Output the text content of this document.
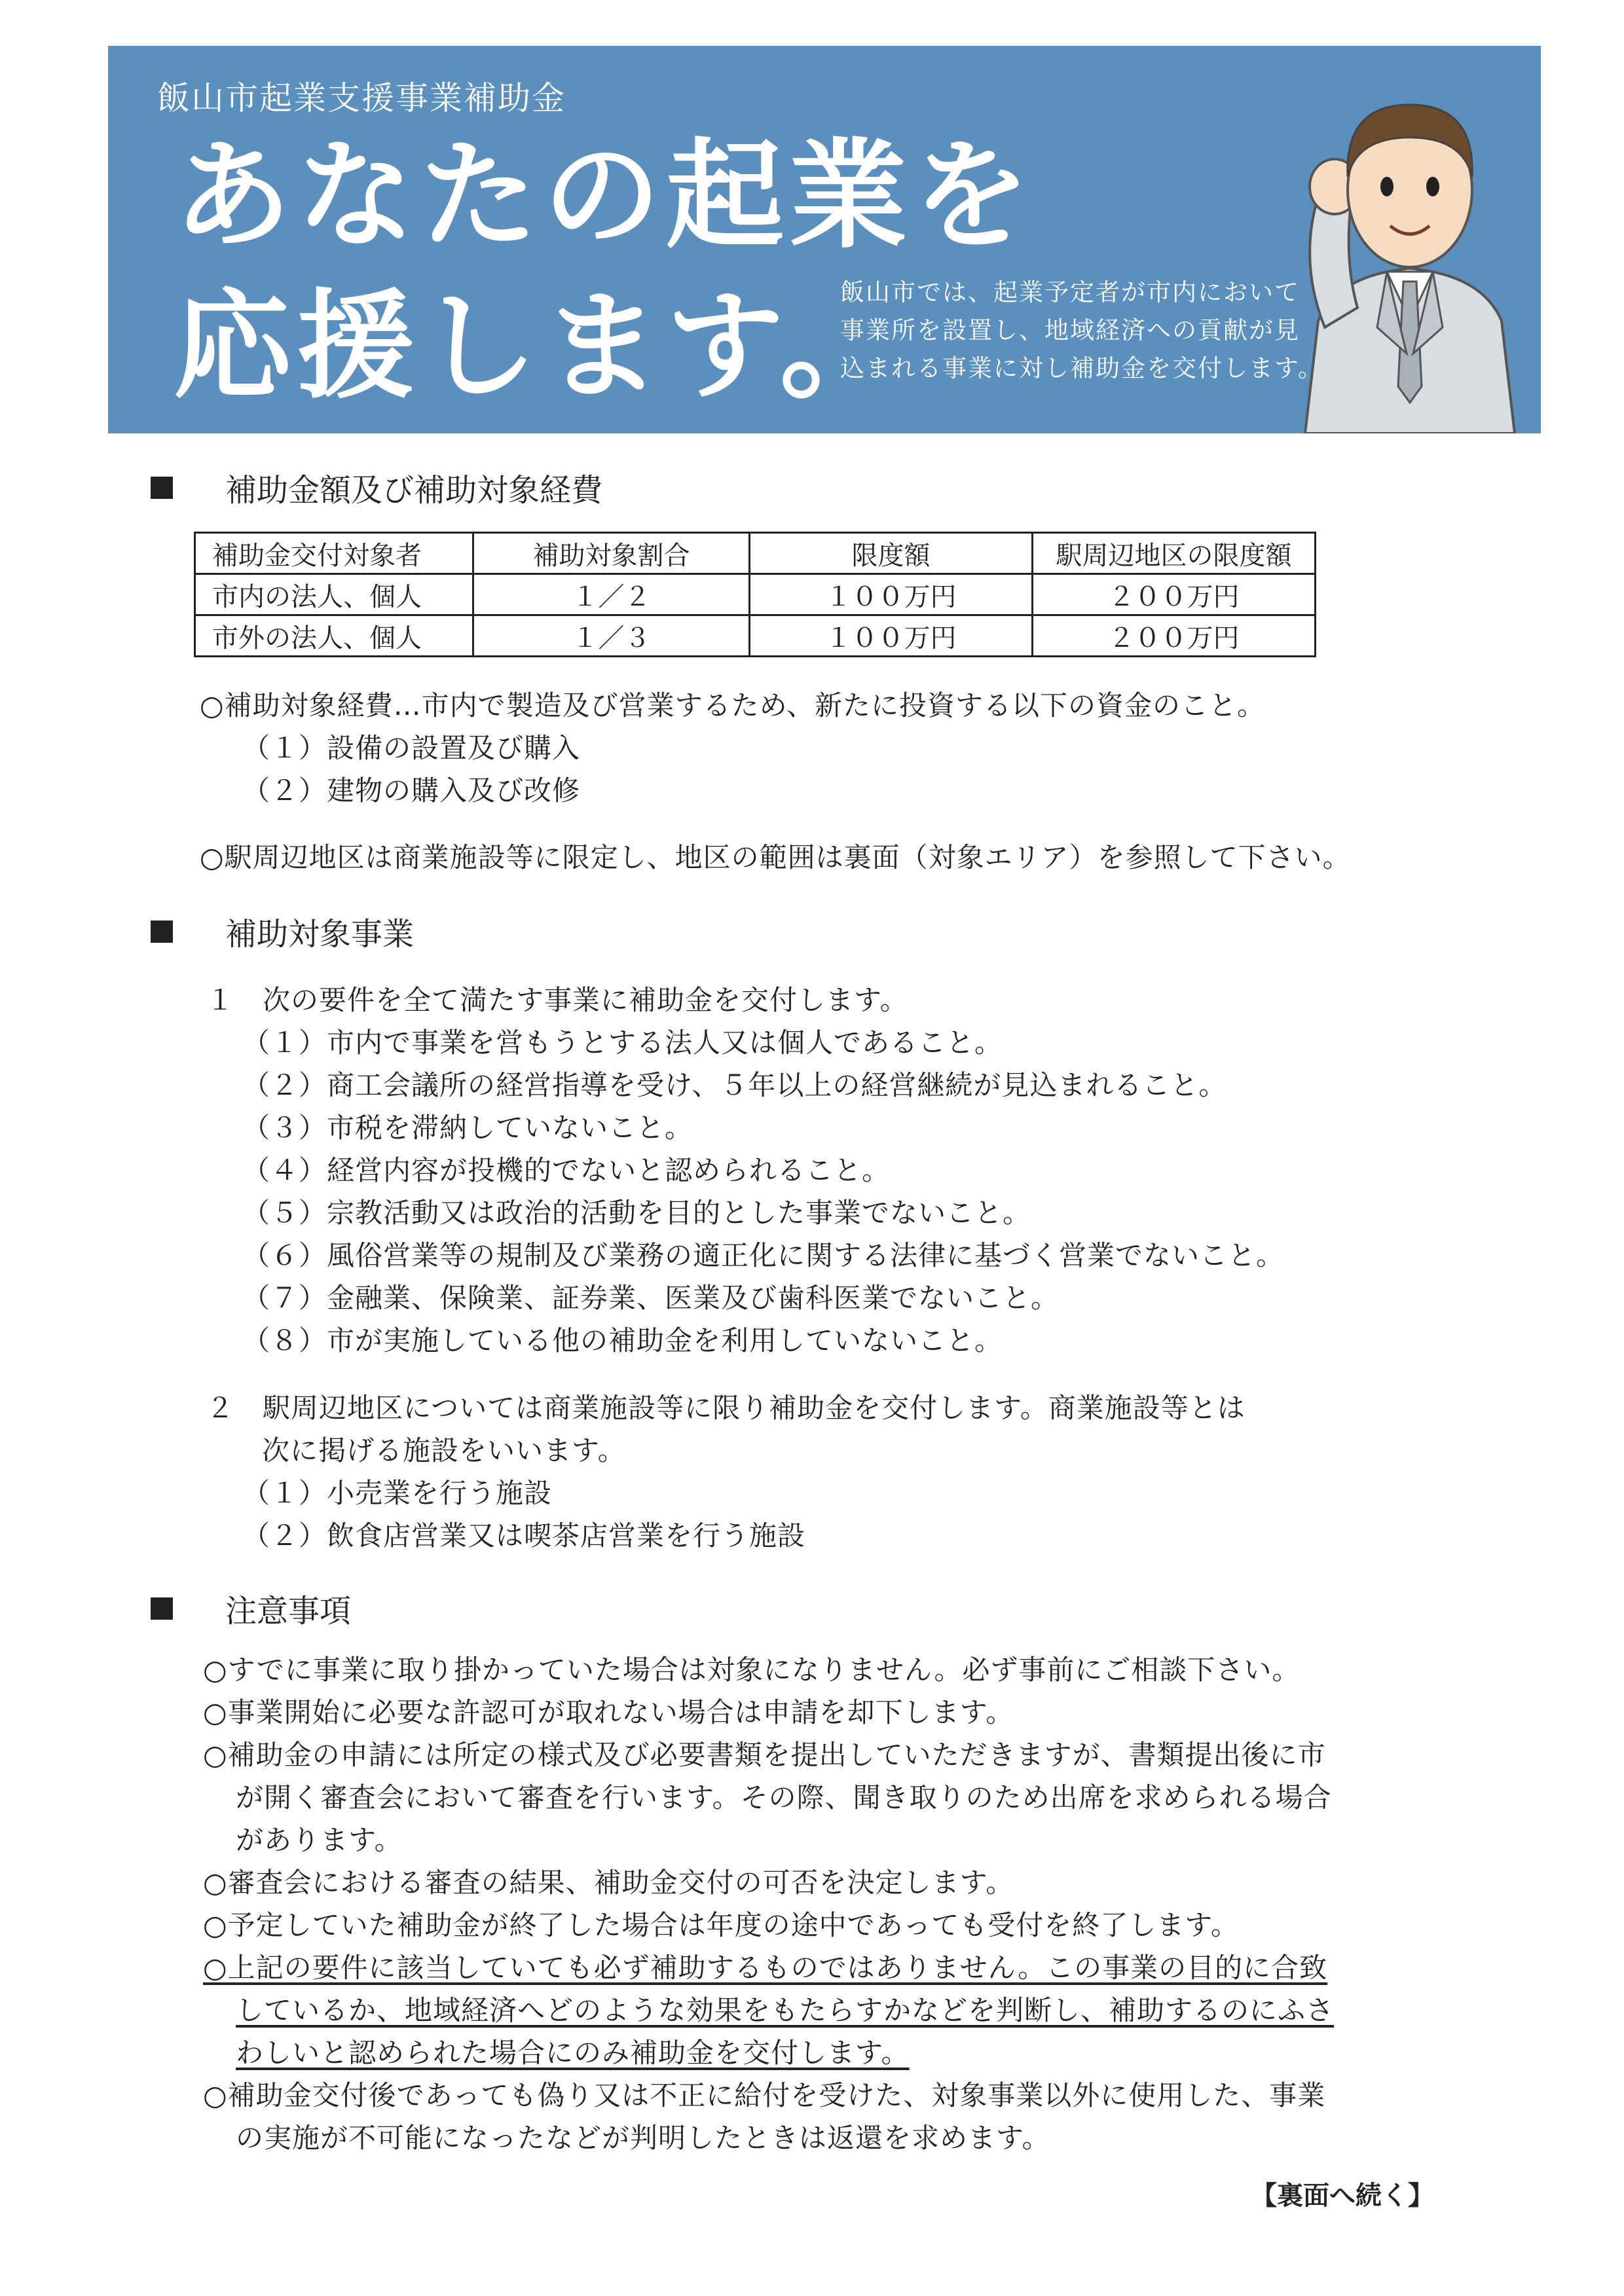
飯山市起業支援事業補助金
あなたの起業を
応援します。
飯山市では、起業予定者が市内において
事業所を設置し、地域経済への貢献が見
込まれる事業に対し補助金を交付します。
補助金額及び補助対象経費
補助金交付対象者	補助対象割合	限度額	駅周辺地区の限度額
市内の法人、個人	１／２	１００万円	２００万円
市外の法人、個人	１／３	１００万円	２００万円
○補助対象経費…市内で製造及び営業するため、新たに投資する以下の資金のこと。
（１）設備の設置及び購入
（２）建物の購入及び改修
○駅周辺地区は商業施設等に限定し、地区の範囲は裏面（対象エリア）を参照して下さい。
補助対象事業
１　次の要件を全て満たす事業に補助金を交付します。
（１）市内で事業を営もうとする法人又は個人であること。
（２）商工会議所の経営指導を受け、５年以上の経営継続が見込まれること。
（３）市税を滞納していないこと。
（４）経営内容が投機的でないと認められること。
（５）宗教活動又は政治的活動を目的とした事業でないこと。
（６）風俗営業等の規制及び業務の適正化に関する法律に基づく営業でないこと。
（７）金融業、保険業、証券業、医業及び歯科医業でないこと。
（８）市が実施している他の補助金を利用していないこと。
２　駅周辺地区については商業施設等に限り補助金を交付します。商業施設等とは
次に掲げる施設をいいます。
（１）小売業を行う施設
（２）飲食店営業又は喫茶店営業を行う施設
注意事項
○すでに事業に取り掛かっていた場合は対象になりません。必ず事前にご相談下さい。
○事業開始に必要な許認可が取れない場合は申請を却下します。
○補助金の申請には所定の様式及び必要書類を提出していただきますが、書類提出後に市
が開く審査会において審査を行います。その際、聞き取りのため出席を求められる場合
があります。
○審査会における審査の結果、補助金交付の可否を決定します。
○予定していた補助金が終了した場合は年度の途中であっても受付を終了します。
○上記の要件に該当していても必ず補助するものではありません。この事業の目的に合致
しているか、地域経済へどのような効果をもたらすかなどを判断し、補助するのにふさ
わしいと認められた場合にのみ補助金を交付します。
○補助金交付後であっても偽り又は不正に給付を受けた、対象事業以外に使用した、事業
の実施が不可能になったなどが判明したときは返還を求めます。
【裏面へ続く】
